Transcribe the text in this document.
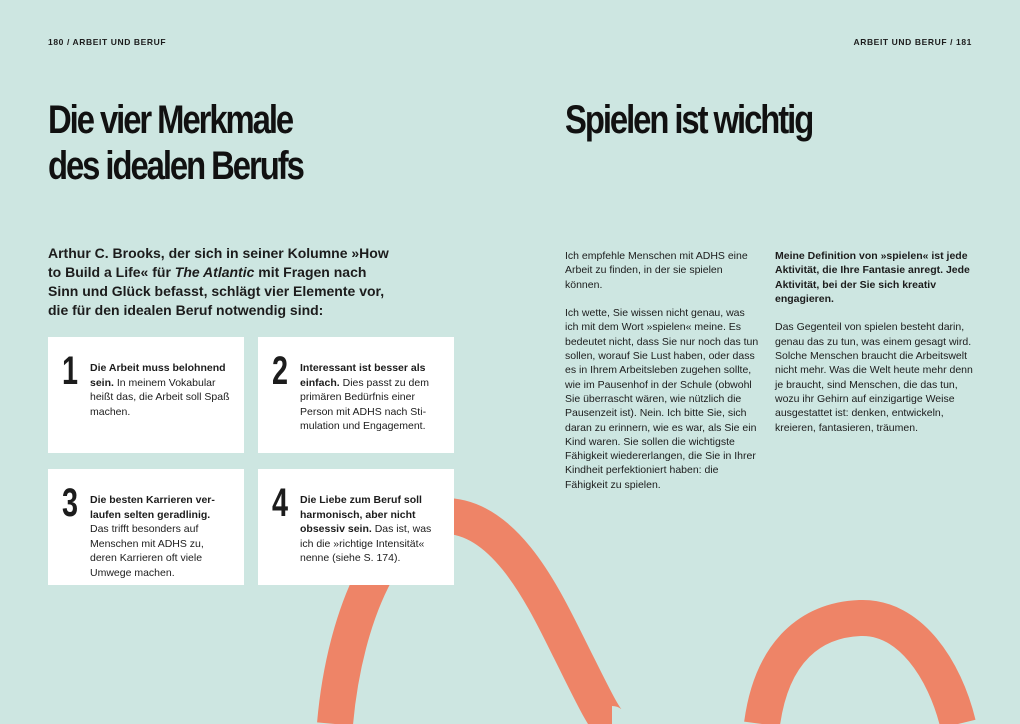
180 / ARBEIT UND BERUF	ARBEIT UND BERUF / 181
Die vier Merkmale
des idealen Berufs
Spielen ist wichtig

Arthur C. Brooks, der sich in seiner Kolumne »How to Build a Life« für The Atlantic mit Fragen nach Sinn und Glück befasst, schlägt vier Elemente vor, die für den idealen Beruf notwendig sind:

1 Die Arbeit muss belohnend sein. In meinem Vokabular heißt das, die Arbeit soll Spaß machen.
2 Interessant ist besser als einfach. Dies passt zu dem primären Bedürfnis einer Person mit ADHS nach Stimulation und Engagement.
3 Die besten Karrieren verlaufen selten geradlinig. Das trifft besonders auf Menschen mit ADHS zu, deren Karrieren oft viele Umwege machen.
4 Die Liebe zum Beruf soll harmonisch, aber nicht obsessiv sein. Das ist, was ich die »richtige Intensität« nenne (siehe S. 174).

Ich empfehle Menschen mit ADHS eine Arbeit zu finden, in der sie spielen können.

Ich wette, Sie wissen nicht genau, was ich mit dem Wort »spielen« meine. Es bedeutet nicht, dass Sie nur noch das tun sollen, worauf Sie Lust haben, oder dass es in Ihrem Arbeitsleben zugehen sollte, wie im Pausenhof in der Schule (obwohl Sie überrascht wären, wie nützlich die Pausenzeit ist). Nein. Ich bitte Sie, sich daran zu erinnern, wie es war, als Sie ein Kind waren. Sie sollen die wichtigste Fähigkeit wiedererlangen, die Sie in Ihrer Kindheit perfektioniert haben: die Fähigkeit zu spielen.

Meine Definition von »spielen« ist jede Aktivität, die Ihre Fantasie anregt. Jede Aktivität, bei der Sie sich kreativ engagieren.

Das Gegenteil von spielen besteht darin, genau das zu tun, was einem gesagt wird. Solche Menschen braucht die Arbeitswelt nicht mehr. Was die Welt heute mehr denn je braucht, sind Menschen, die das tun, wozu ihr Gehirn auf einzigartige Weise ausgestattet ist: denken, entwickeln, kreieren, fantasieren, träumen.
